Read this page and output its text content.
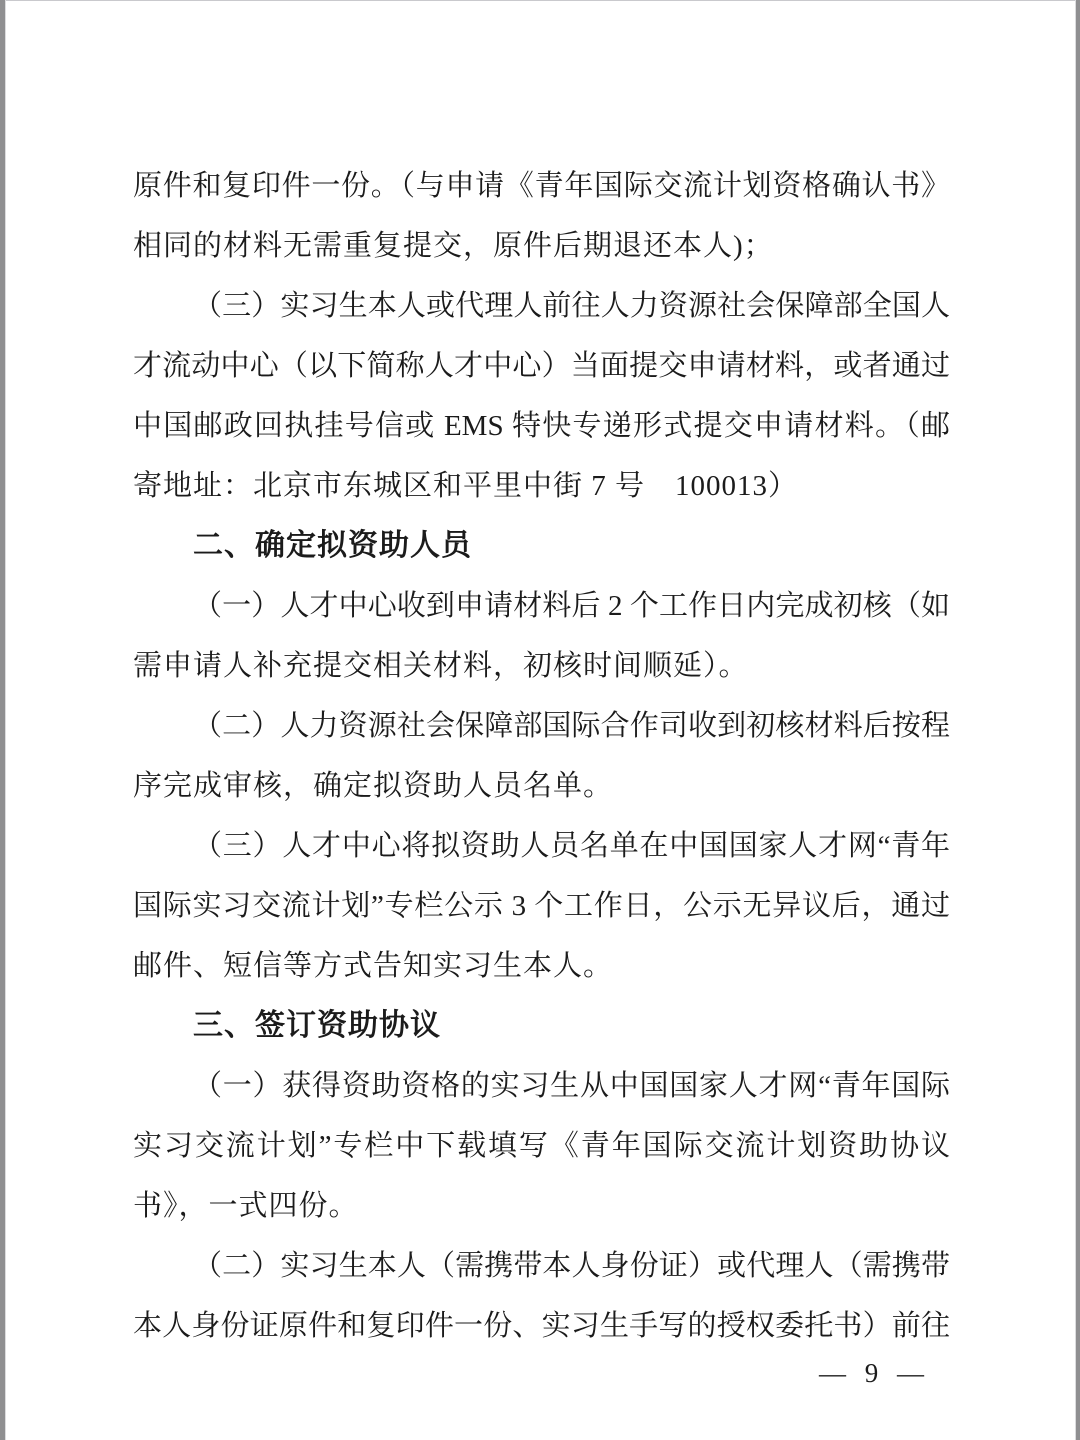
原件和复印件一份。（与申请《青年国际交流计划资格确认书》
相同的材料无需重复提交，原件后期退还本人)；
（三）实习生本人或代理人前往人力资源社会保障部全国人
才流动中心（以下简称人才中心）当面提交申请材料，或者通过
中国邮政回执挂号信或 EMS 特快专递形式提交申请材料。（邮
寄地址：北京市东城区和平里中街 7 号　100013）
二、确定拟资助人员
（一）人才中心收到申请材料后 2 个工作日内完成初核（如
需申请人补充提交相关材料，初核时间顺延）。
（二）人力资源社会保障部国际合作司收到初核材料后按程
序完成审核，确定拟资助人员名单。
（三）人才中心将拟资助人员名单在中国国家人才网“青年
国际实习交流计划”专栏公示 3 个工作日，公示无异议后，通过
邮件、短信等方式告知实习生本人。
三、签订资助协议
（一）获得资助资格的实习生从中国国家人才网“青年国际
实习交流计划”专栏中下载填写《青年国际交流计划资助协议
书》，一式四份。
（二）实习生本人（需携带本人身份证）或代理人（需携带
本人身份证原件和复印件一份、实习生手写的授权委托书）前往
— 9 —
